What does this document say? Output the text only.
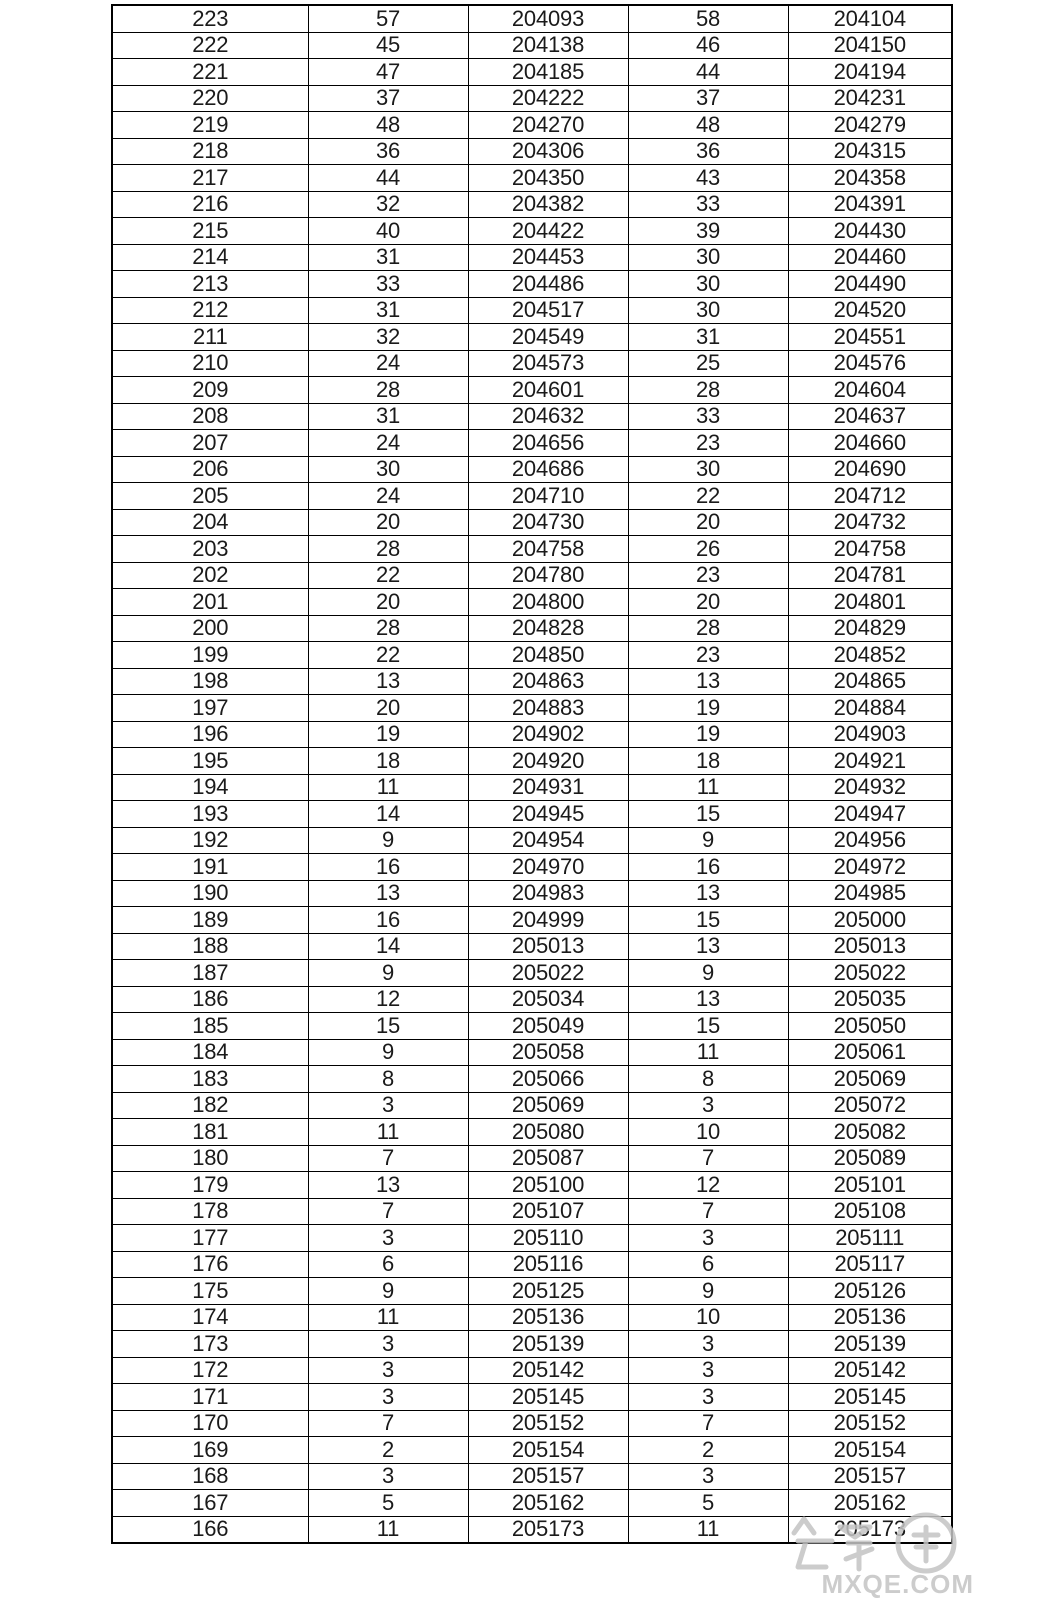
223	57	204093	58	204104
222	45	204138	46	204150
221	47	204185	44	204194
220	37	204222	37	204231
219	48	204270	48	204279
218	36	204306	36	204315
217	44	204350	43	204358
216	32	204382	33	204391
215	40	204422	39	204430
214	31	204453	30	204460
213	33	204486	30	204490
212	31	204517	30	204520
211	32	204549	31	204551
210	24	204573	25	204576
209	28	204601	28	204604
208	31	204632	33	204637
207	24	204656	23	204660
206	30	204686	30	204690
205	24	204710	22	204712
204	20	204730	20	204732
203	28	204758	26	204758
202	22	204780	23	204781
201	20	204800	20	204801
200	28	204828	28	204829
199	22	204850	23	204852
198	13	204863	13	204865
197	20	204883	19	204884
196	19	204902	19	204903
195	18	204920	18	204921
194	11	204931	11	204932
193	14	204945	15	204947
192	9	204954	9	204956
191	16	204970	16	204972
190	13	204983	13	204985
189	16	204999	15	205000
188	14	205013	13	205013
187	9	205022	9	205022
186	12	205034	13	205035
185	15	205049	15	205050
184	9	205058	11	205061
183	8	205066	8	205069
182	3	205069	3	205072
181	11	205080	10	205082
180	7	205087	7	205089
179	13	205100	12	205101
178	7	205107	7	205108
177	3	205110	3	205111
176	6	205116	6	205117
175	9	205125	9	205126
174	11	205136	10	205136
173	3	205139	3	205139
172	3	205142	3	205142
171	3	205145	3	205145
170	7	205152	7	205152
169	2	205154	2	205154
168	3	205157	3	205157
167	5	205162	5	205162
166	11	205173	11	205173
MXQE.COM
